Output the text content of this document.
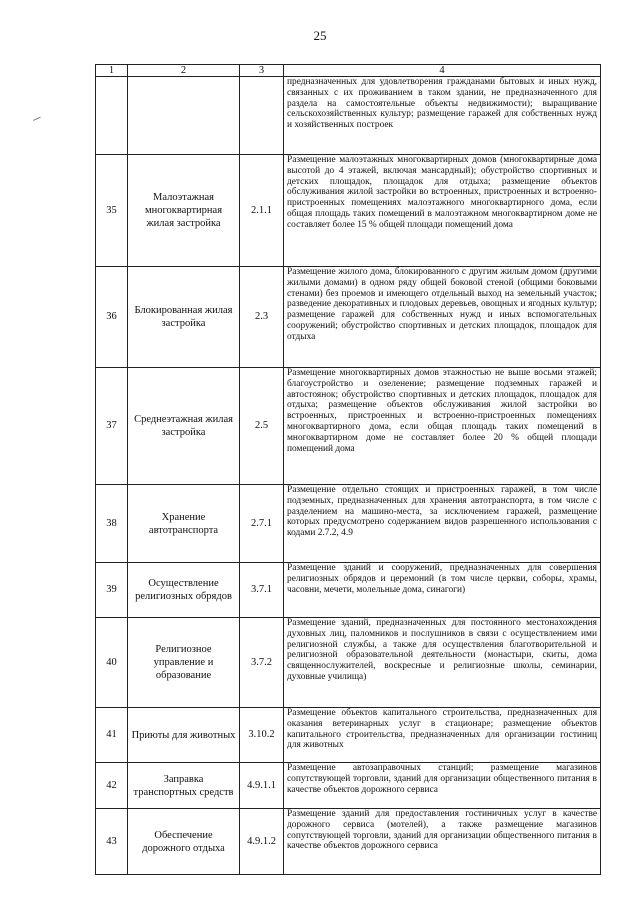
25
1	2	3	4
			предназначенных для удовлетворения гражданами бытовых и иных нужд, связанных с их проживанием в таком здании, не предназначенного для раздела на самостоятельные объекты недвижимости); выращивание сельскохозяйственных культур; размещение гаражей для собственных нужд и хозяйственных построек
35	Малоэтажная многоквартирная жилая застройка	2.1.1	Размещение малоэтажных многоквартирных домов (многоквартирные дома высотой до 4 этажей, включая мансардный); обустройство спортивных и детских площадок, площадок для отдыха; размещение объектов обслуживания жилой застройки во встроенных, пристроенных и встроенно-пристроенных помещениях малоэтажного многоквартирного дома, если общая площадь таких помещений в малоэтажном многоквартирном доме не составляет более 15 % общей площади помещений дома
36	Блокированная жилая застройка	2.3	Размещение жилого дома, блокированного с другим жилым домом (другими жилыми домами) в одном ряду общей боковой стеной (общими боковыми стенами) без проемов и имеющего отдельный выход на земельный участок; разведение декоративных и плодовых деревьев, овощных и ягодных культур; размещение гаражей для собственных нужд и иных вспомогательных сооружений; обустройство спортивных и детских площадок, площадок для отдыха
37	Среднеэтажная жилая застройка	2.5	Размещение многоквартирных домов этажностью не выше восьми этажей; благоустройство и озеленение; размещение подземных гаражей и автостоянок; обустройство спортивных и детских площадок, площадок для отдыха; размещение объектов обслуживания жилой застройки во встроенных, пристроенных и встроенно-пристроенных помещениях многоквартирного дома, если общая площадь таких помещений в многоквартирном доме не составляет более 20 % общей площади помещений дома
38	Хранение автотранспорта	2.7.1	Размещение отдельно стоящих и пристроенных гаражей, в том числе подземных, предназначенных для хранения автотранспорта, в том числе с разделением на машино-места, за исключением гаражей, размещение которых предусмотрено содержанием видов разрешенного использования с кодами 2.7.2, 4.9
39	Осуществление религиозных обрядов	3.7.1	Размещение зданий и сооружений, предназначенных для совершения религиозных обрядов и церемоний (в том числе церкви, соборы, храмы, часовни, мечети, молельные дома, синагоги)
40	Религиозное управление и образование	3.7.2	Размещение зданий, предназначенных для постоянного местонахождения духовных лиц, паломников и послушников в связи с осуществлением ими религиозной службы, а также для осуществления благотворительной и религиозной образовательной деятельности (монастыри, скиты, дома священнослужителей, воскресные и религиозные школы, семинарии, духовные училища)
41	Приюты для животных	3.10.2	Размещение объектов капитального строительства, предназначенных для оказания ветеринарных услуг в стационаре; размещение объектов капитального строительства, предназначенных для организации гостиниц для животных
42	Заправка транспортных средств	4.9.1.1	Размещение автозаправочных станций; размещение магазинов сопутствующей торговли, зданий для организации общественного питания в качестве объектов дорожного сервиса
43	Обеспечение дорожного отдыха	4.9.1.2	Размещение зданий для предоставления гостиничных услуг в качестве дорожного сервиса (мотелей), а также размещение магазинов сопутствующей торговли, зданий для организации общественного питания в качестве объектов дорожного сервиса
